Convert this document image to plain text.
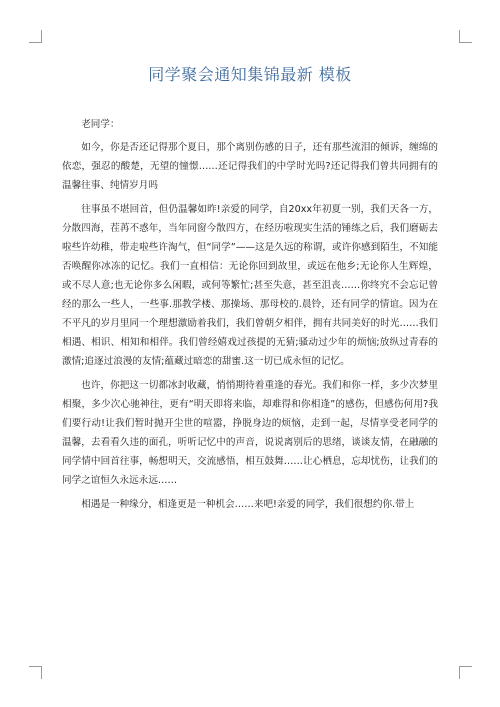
同学聚会通知集锦最新 模板

老同学：

如今，你是否还记得那个夏日，那个离别伤感的日子，还有那些流泪的倾诉，缠绵的依恋，强忍的酸楚，无望的憧憬……还记得我们的中学时光吗?还记得我们曾共同拥有的温馨往事、纯情岁月吗

往事虽不堪回首，但仍温馨如昨!亲爱的同学，自20xx年初夏一别，我们天各一方，分散四海，茬苒不惑年，当年同窗今散四方，在经历啦现实生活的锤练之后，我们磨砺去啦些许幼稚，带走啦些许淘气，但“同学”——这是久远的称谓，或许你感到陌生，不知能否唤醒你冰冻的记忆。我们一直相信：无论你回到故里，或远在他乡;无论你人生辉煌，或不尽人意;也无论你多么闲暇，或何等繁忙;甚至失意，甚至沮丧……你终究不会忘记曾经的那么一些人，一些事.那教学楼、那操场、那母校的.晨铃，还有同学的情谊。因为在不平凡的岁月里同一个理想激励着我们，我们曾朝夕相伴，拥有共同美好的时光……我们相遇、相识、相知和相伴。我们曾经嬉戏过孩提的无猜;骚动过少年的烦恼;放纵过青春的激情;追逐过浪漫的友情;蕴藏过暗恋的甜蜜.这一切已成永恒的记忆。

也许，你把这一切都冰封收藏，悄悄期待着重逢的春光。我们和你一样，多少次梦里相聚，多少次心驰神往，更有“明天即将来临，却难得和你相逢”的感伤，但感伤何用?我们要行动!让我们暂时抛开尘世的喧嚣，挣脱身边的烦恼，走到一起，尽情享受老同学的温馨，去看看久违的面孔，听听记忆中的声音，说说离别后的思绪，谈谈友情，在融融的同学情中回首往事，畅想明天，交流感悟，相互鼓舞……让心栖息，忘却忧伤，让我们的同学之谊恒久永远永远……

相遇是一种缘分，相逢更是一种机会……来吧!亲爱的同学，我们很想约你.带上
